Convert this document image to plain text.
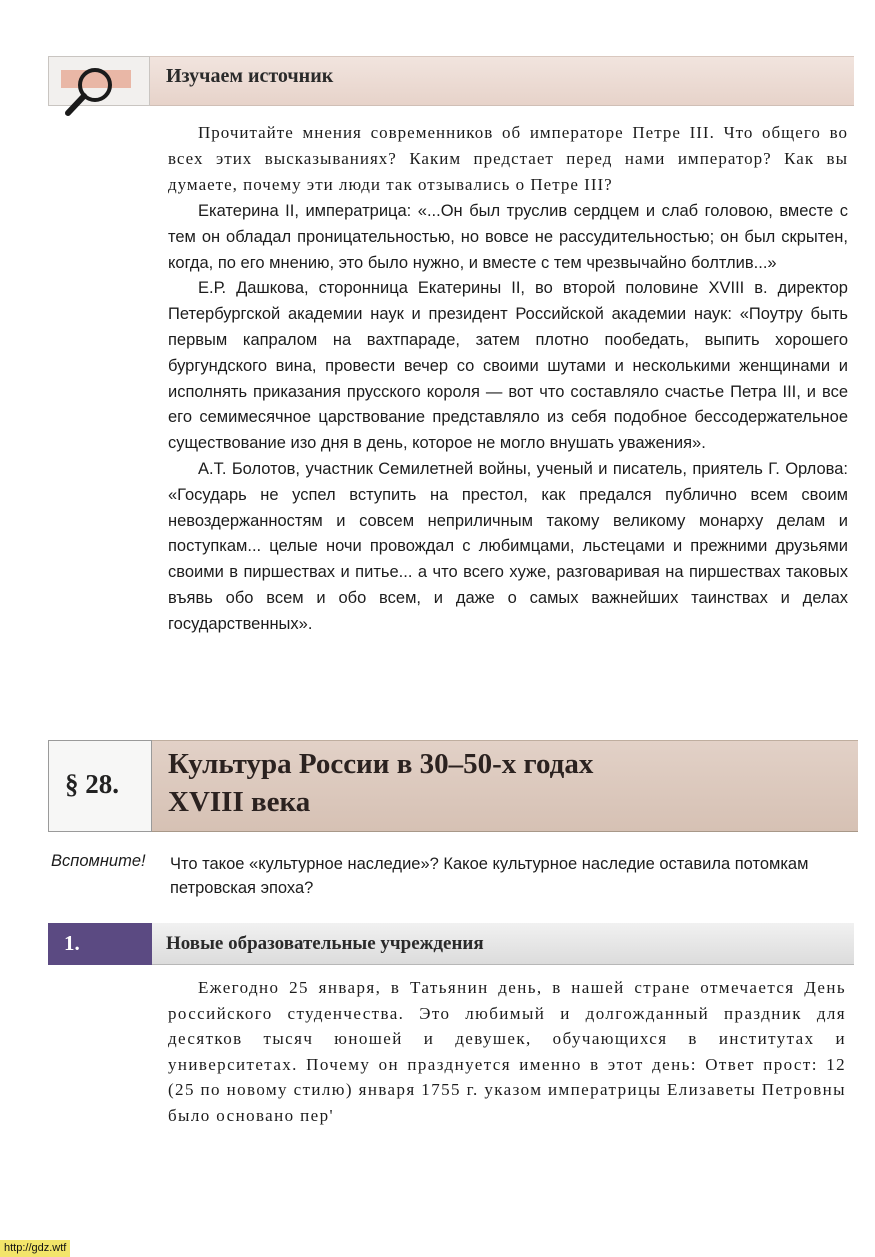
Изучаем источник

Прочитайте мнения современников об императоре Петре III. Что общего во всех этих высказываниях? Каким предстает перед нами император? Как вы думаете, почему эти люди так отзывались о Петре III?

Екатерина II, императрица: «...Он был труслив сердцем и слаб головою, вместе с тем он обладал проницательностью, но вовсе не рассудительностью; он был скрытен, когда, по его мнению, это было нужно, и вместе с тем чрезвычайно болтлив...»

Е.Р. Дашкова, сторонница Екатерины II, во второй половине XVIII в. директор Петербургской академии наук и президент Российской академии наук: «Поутру быть первым капралом на вахтпараде, затем плотно пообедать, выпить хорошего бургундского вина, провести вечер со своими шутами и несколькими женщинами и исполнять приказания прусского короля — вот что составляло счастье Петра III, и все его семимесячное царствование представляло из себя подобное бессодержательное существование изо дня в день, которое не могло внушать уважения».

А.Т. Болотов, участник Семилетней войны, ученый и писатель, приятель Г. Орлова: «Государь не успел вступить на престол, как предался публично всем своим невоздержанностям и совсем неприличным такому великому монарху делам и поступкам... целые ночи провождал с любимцами, льстецами и прежними друзьями своими в пиршествах и питье... а что всего хуже, разговаривая на пиршествах таковых въявь обо всем и обо всем, и даже о самых важнейших таинствах и делах государственных».

§ 28.
Культура России в 30–50-х годах
XVIII века
Вспомните! Что такое «культурное наследие»? Какое культурное наследие оставила потомкам петровская эпоха?
1.	Новые образовательные учреждения

Ежегодно 25 января, в Татьянин день, в нашей стране отмечается День российского студенчества. Это любимый и долгожданный праздник для десятков тысяч юношей и девушек, обучающихся в институтах и университетах. Почему он празднуется именно в этот день: Ответ прост: 12 (25 по новому стилю) января 1755 г. указом императрицы Елизаветы Петровны было основано пер'

http://gdz.wtf
